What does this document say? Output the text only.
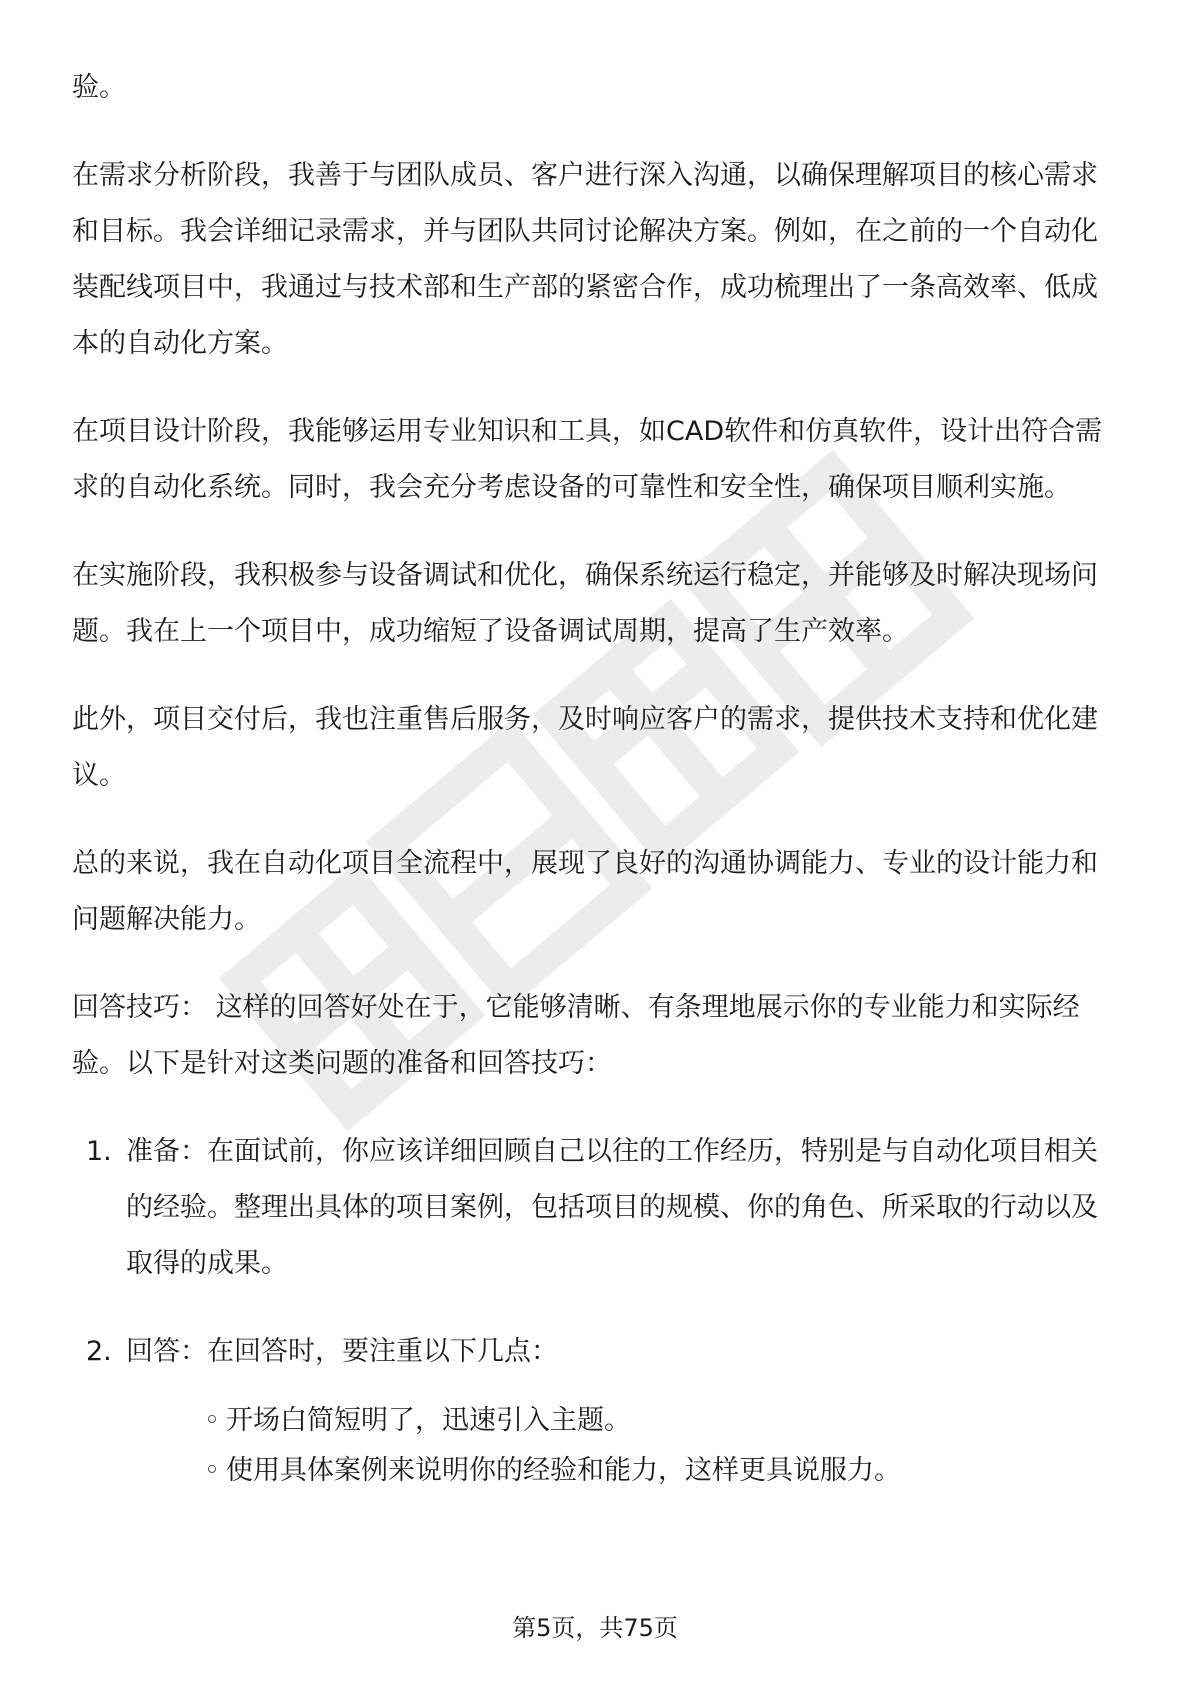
验。

在需求分析阶段，我善于与团队成员、客户进行深入沟通，以确保理解项目的核心需求和目标。我会详细记录需求，并与团队共同讨论解决方案。例如，在之前的一个自动化装配线项目中，我通过与技术部和生产部的紧密合作，成功梳理出了一条高效率、低成本的自动化方案。

在项目设计阶段，我能够运用专业知识和工具，如CAD软件和仿真软件，设计出符合需求的自动化系统。同时，我会充分考虑设备的可靠性和安全性，确保项目顺利实施。

在实施阶段，我积极参与设备调试和优化，确保系统运行稳定，并能够及时解决现场问题。我在上一个项目中，成功缩短了设备调试周期，提高了生产效率。

此外，项目交付后，我也注重售后服务，及时响应客户的需求，提供技术支持和优化建议。

总的来说，我在自动化项目全流程中，展现了良好的沟通协调能力、专业的设计能力和问题解决能力。

回答技巧： 这样的回答好处在于，它能够清晰、有条理地展示你的专业能力和实际经验。以下是针对这类问题的准备和回答技巧：

1. 准备：在面试前，你应该详细回顾自己以往的工作经历，特别是与自动化项目相关的经验。整理出具体的项目案例，包括项目的规模、你的角色、所采取的行动以及取得的成果。
2. 回答：在回答时，要注重以下几点：
◦ 开场白简短明了，迅速引入主题。
◦ 使用具体案例来说明你的经验和能力，这样更具说服力。
第5页，共75页
